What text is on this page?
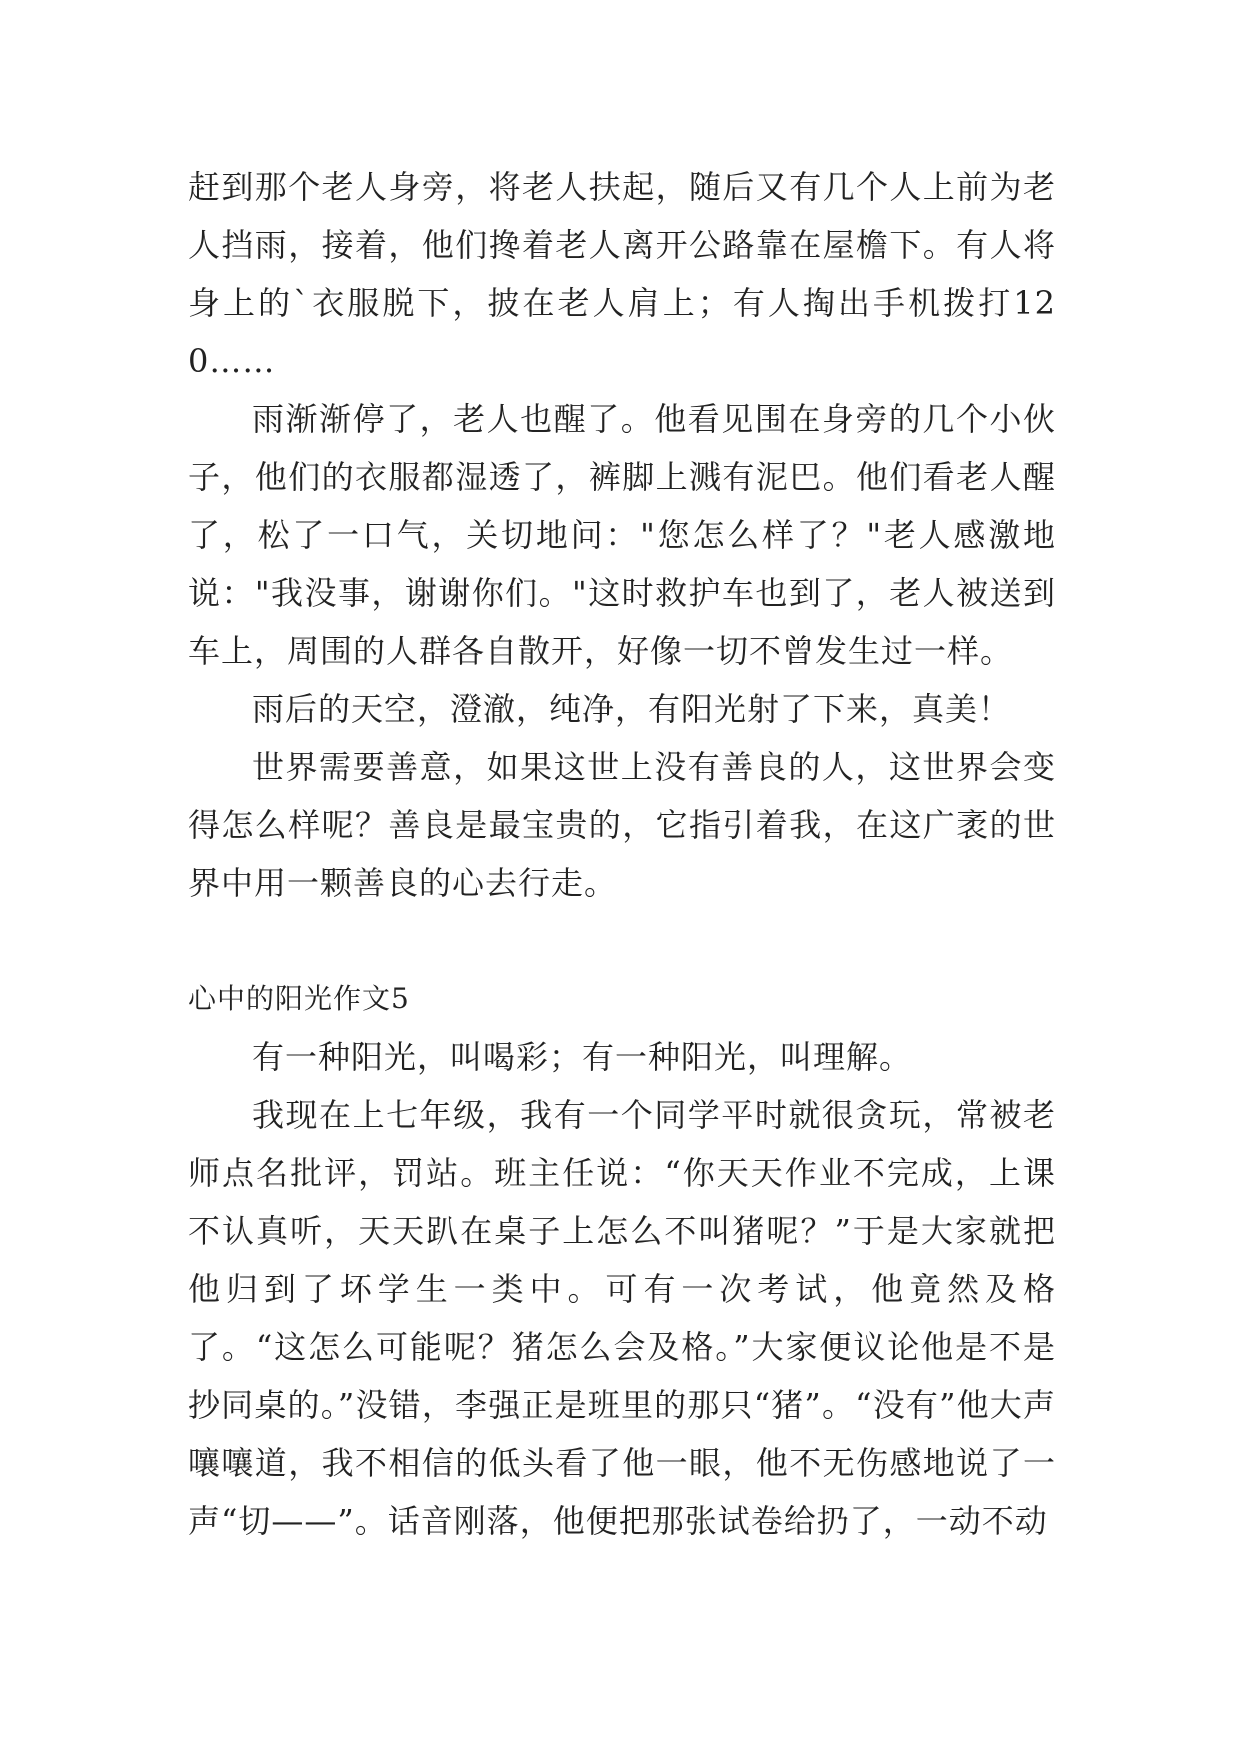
赶到那个老人身旁，将老人扶起，随后又有几个人上前为老人挡雨，接着，他们搀着老人离开公路靠在屋檐下。有人将身上的`衣服脱下，披在老人肩上；有人掏出手机拨打120……

雨渐渐停了，老人也醒了。他看见围在身旁的几个小伙子，他们的衣服都湿透了，裤脚上溅有泥巴。他们看老人醒了，松了一口气，关切地问："您怎么样了？"老人感激地说："我没事，谢谢你们。"这时救护车也到了，老人被送到车上，周围的人群各自散开，好像一切不曾发生过一样。

雨后的天空，澄澈，纯净，有阳光射了下来，真美！

世界需要善意，如果这世上没有善良的人，这世界会变得怎么样呢？善良是最宝贵的，它指引着我，在这广袤的世界中用一颗善良的心去行走。

心中的阳光作文5

有一种阳光，叫喝彩；有一种阳光，叫理解。

我现在上七年级，我有一个同学平时就很贪玩，常被老师点名批评，罚站。班主任说：“你天天作业不完成，上课不认真听，天天趴在桌子上怎么不叫猪呢？”于是大家就把他归到了坏学生一类中。可有一次考试，他竟然及格了。“这怎么可能呢？猪怎么会及格。”大家便议论他是不是抄同桌的。”没错，李强正是班里的那只“猪”。“没有”他大声嚷嚷道，我不相信的低头看了他一眼，他不无伤感地说了一声“切——”。话音刚落，他便把那张试卷给扔了，一动不动
